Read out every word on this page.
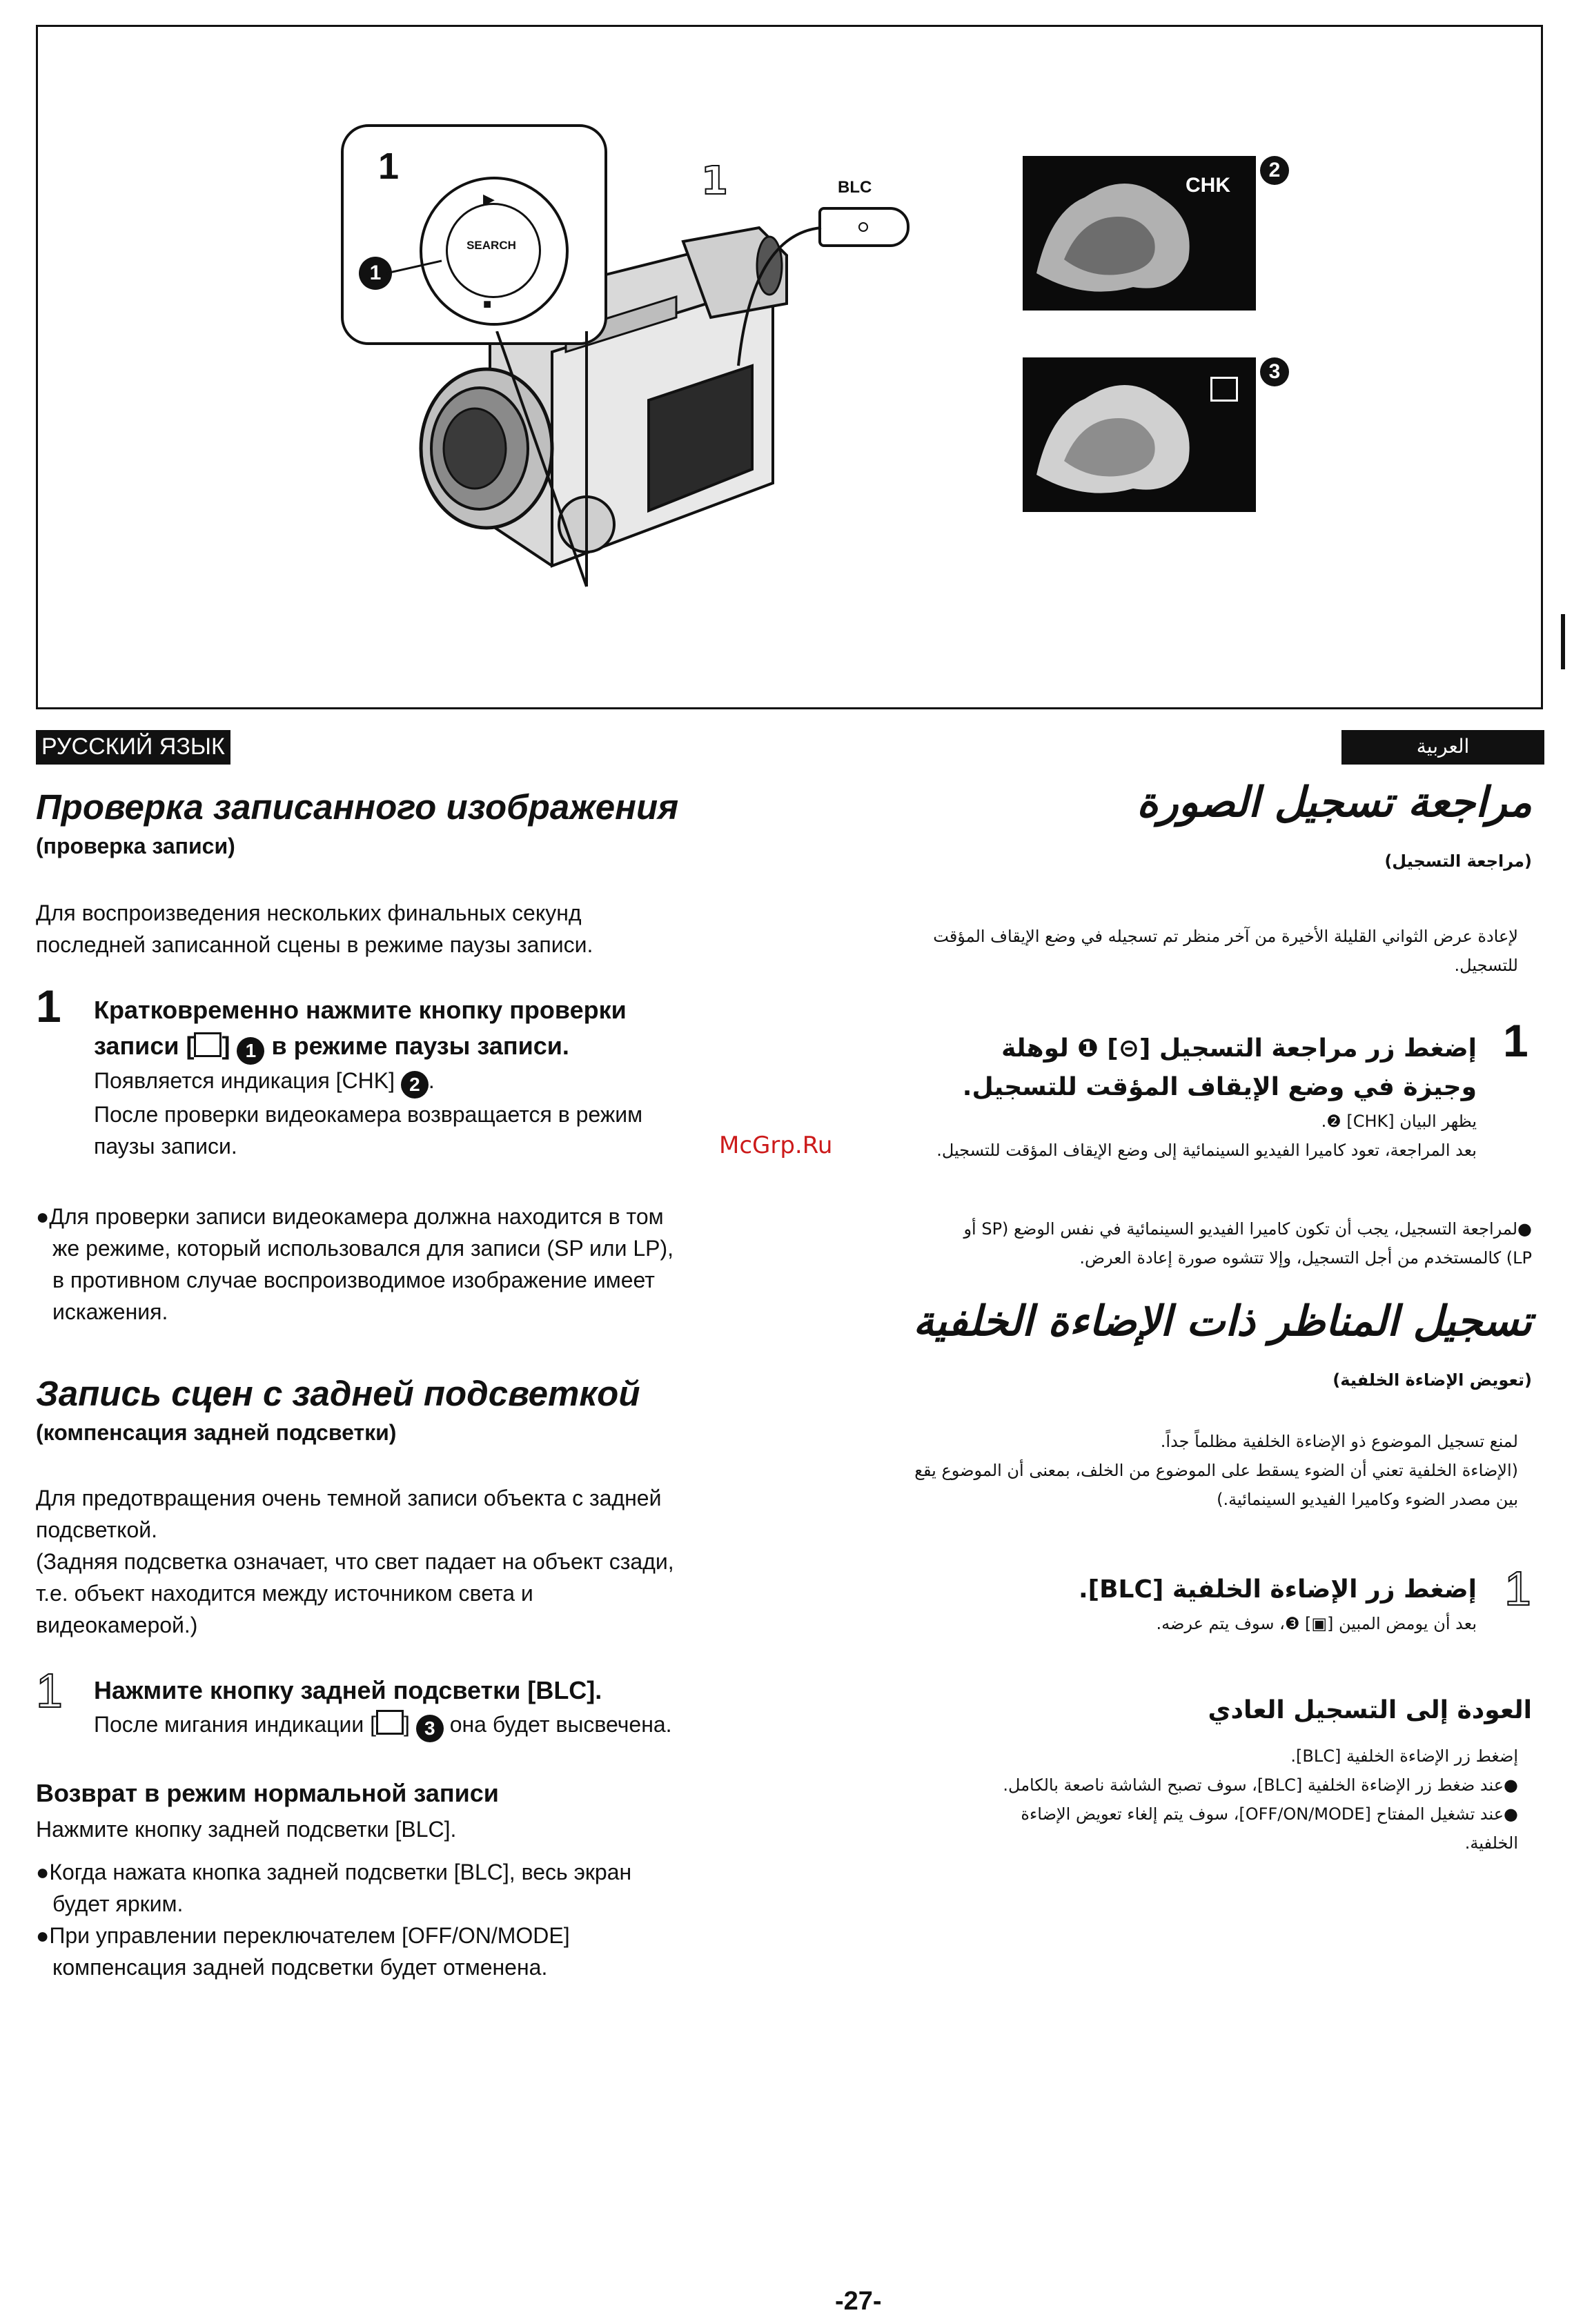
1
SEARCH
▶
■
1
1	BLC	CHK
2
3
РУССКИЙ ЯЗЫК	العربية
Проверка записанного изображения
(проверка записи)
Для воспроизведения нескольких финальных секунд
последней записанной сцены в режиме паузы записи.
1 Кратковременно нажмите кнопку проверки
записи [ ] 1 в режиме паузы записи.
Появляется индикация [CHK] 2 .
После проверки видеокамера возвращается в режим
паузы записи.
●Для проверки записи видеокамера должна находится в том
же режиме, который использовался для записи (SP или LP),
в противном случае воспроизводимое изображение имеет
искажения.
Запись сцен с задней подсветкой
(компенсация задней подсветки)
Для предотвращения очень темной записи объекта с задней
подсветкой.
(Задняя подсветка означает, что свет падает на объект сзади,
т.е. объект находится между источником света и
видеокамерой.)
1 Нажмите кнопку задней подсветки [BLC].
После мигания индикации [ ] 3 она будет высвечена.
Возврат в режим нормальной записи
Нажмите кнопку задней подсветки [BLC].
●Когда нажата кнопка задней подсветки [BLC], весь экран
будет ярким.
●При управлении переключателем [OFF/ON/MODE]
компенсация задней подсветки будет отменена.
مراجعة تسجيل الصورة
(مراجعة التسجيل)
لإعادة عرض الثواني القليلة الأخيرة من آخر منظر تم تسجيله في وضع الإيقاف المؤقت
للتسجيل.
1
إضغط زر مراجعة التسجيل [⊝] ❶ لوهلة
وجيزة في وضع الإيقاف المؤقت للتسجيل.
يظهر البيان [CHK] ❷.
بعد المراجعة، تعود كاميرا الفيديو السينمائية إلى وضع الإيقاف المؤقت للتسجيل.
●لمراجعة التسجيل، يجب أن تكون كاميرا الفيديو السينمائية في نفس الوضع (SP أو
LP) كالمستخدم من أجل التسجيل، وإلا تتشوه صورة إعادة العرض.
تسجيل المناظر ذات الإضاءة الخلفية
(تعويض الإضاءة الخلفية)
لمنع تسجيل الموضوع ذو الإضاءة الخلفية مظلماً جداً.
(الإضاءة الخلفية تعني أن الضوء يسقط على الموضوع من الخلف، بمعنى أن الموضوع يقع
بين مصدر الضوء وكاميرا الفيديو السينمائية.)
1
إضغط زر الإضاءة الخلفية [BLC].
بعد أن يومض المبين [▣] ❸، سوف يتم عرضه.
العودة إلى التسجيل العادي
إضغط زر الإضاءة الخلفية [BLC].
●عند ضغط زر الإضاءة الخلفية [BLC]، سوف تصبح الشاشة ناصعة بالكامل.
●عند تشغيل المفتاح [OFF/ON/MODE]، سوف يتم إلغاء تعويض الإضاءة
الخلفية.
McGrp.Ru
-27-
